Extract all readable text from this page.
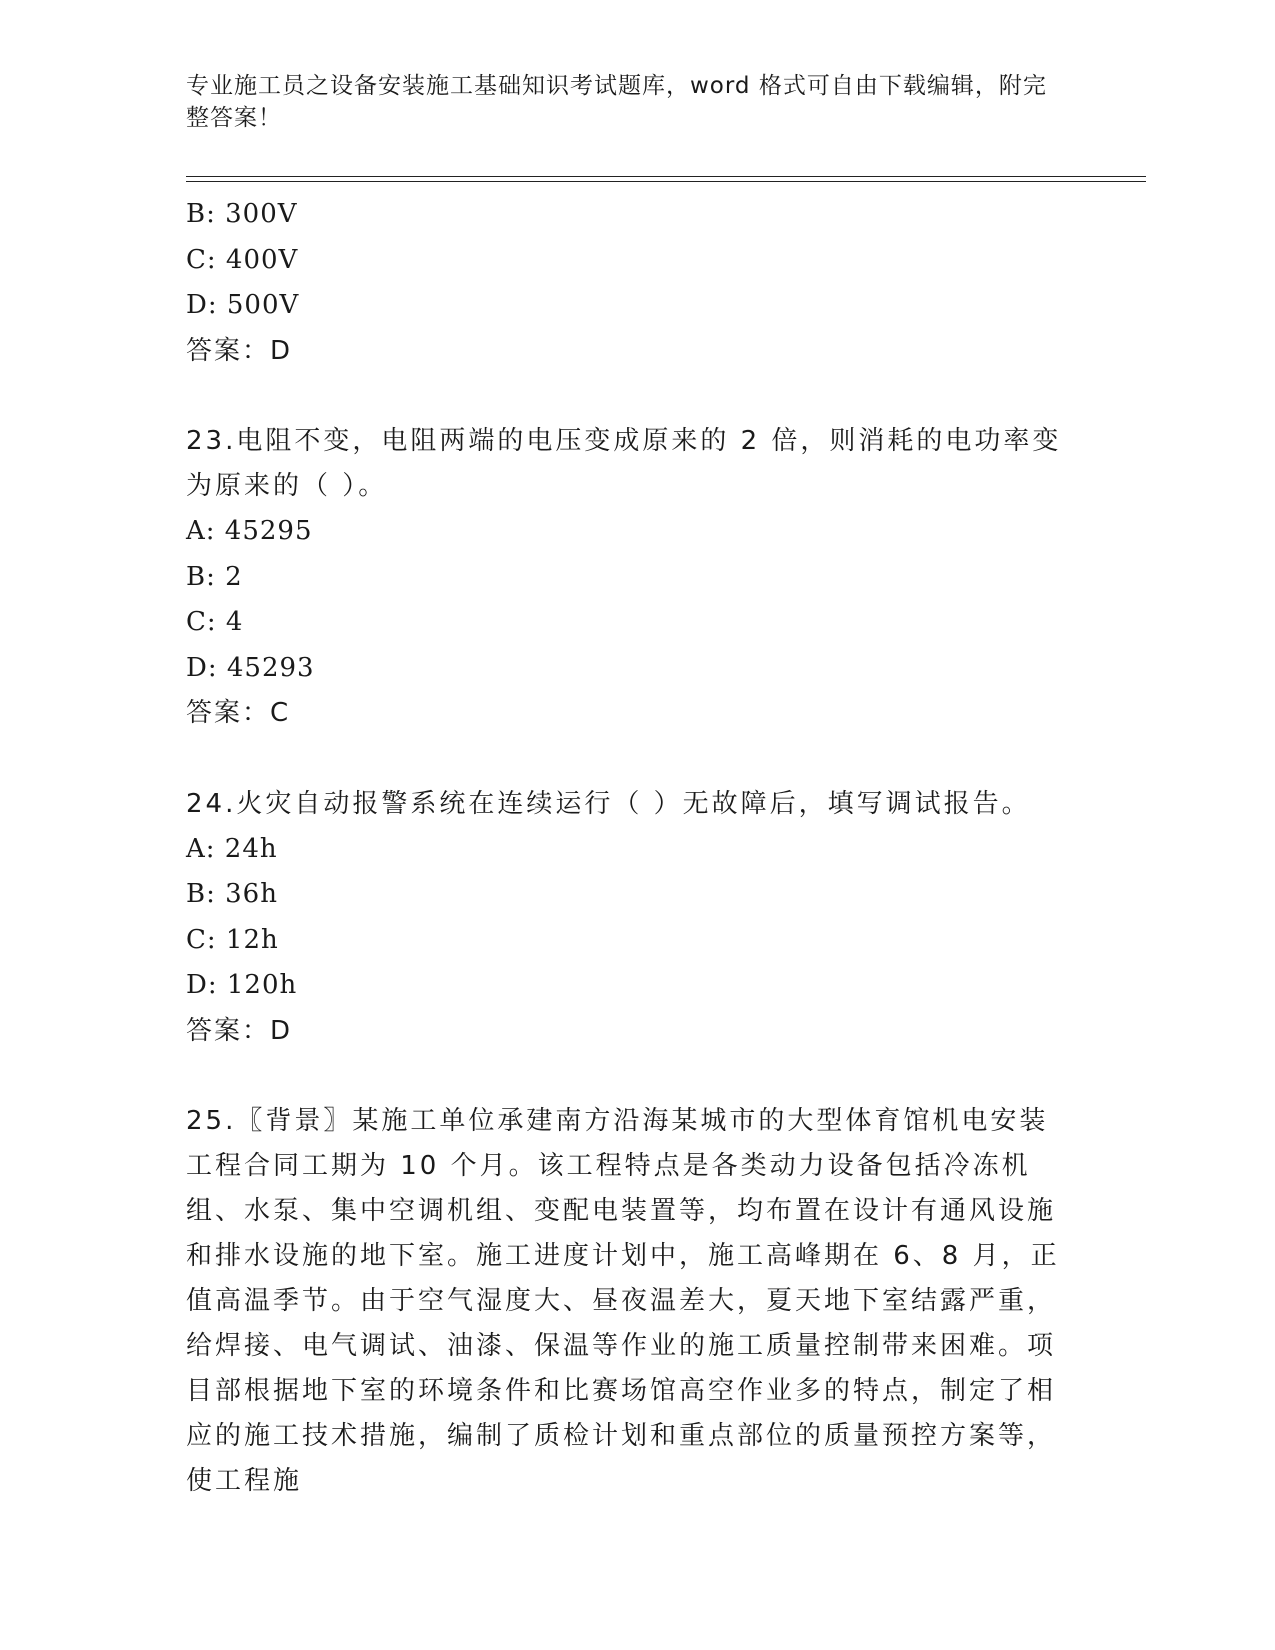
专业施工员之设备安装施工基础知识考试题库，word 格式可自由下载编辑，附完整答案！
B: 300V
C: 400V
D: 500V
答案：D
23.电阻不变，电阻两端的电压变成原来的 2 倍，则消耗的电功率变为原来的（ ）。
A: 45295
B: 2
C: 4
D: 45293
答案：C
24.火灾自动报警系统在连续运行（ ）无故障后，填写调试报告。
A: 24h
B: 36h
C: 12h
D: 120h
答案：D
25.〖背景〗某施工单位承建南方沿海某城市的大型体育馆机电安装工程合同工期为 10 个月。该工程特点是各类动力设备包括冷冻机组、水泵、集中空调机组、变配电装置等，均布置在设计有通风设施和排水设施的地下室。施工进度计划中，施工高峰期在 6、8 月，正值高温季节。由于空气湿度大、昼夜温差大，夏天地下室结露严重，给焊接、电气调试、油漆、保温等作业的施工质量控制带来困难。项目部根据地下室的环境条件和比赛场馆高空作业多的特点，制定了相应的施工技术措施，编制了质检计划和重点部位的质量预控方案等，使工程施
